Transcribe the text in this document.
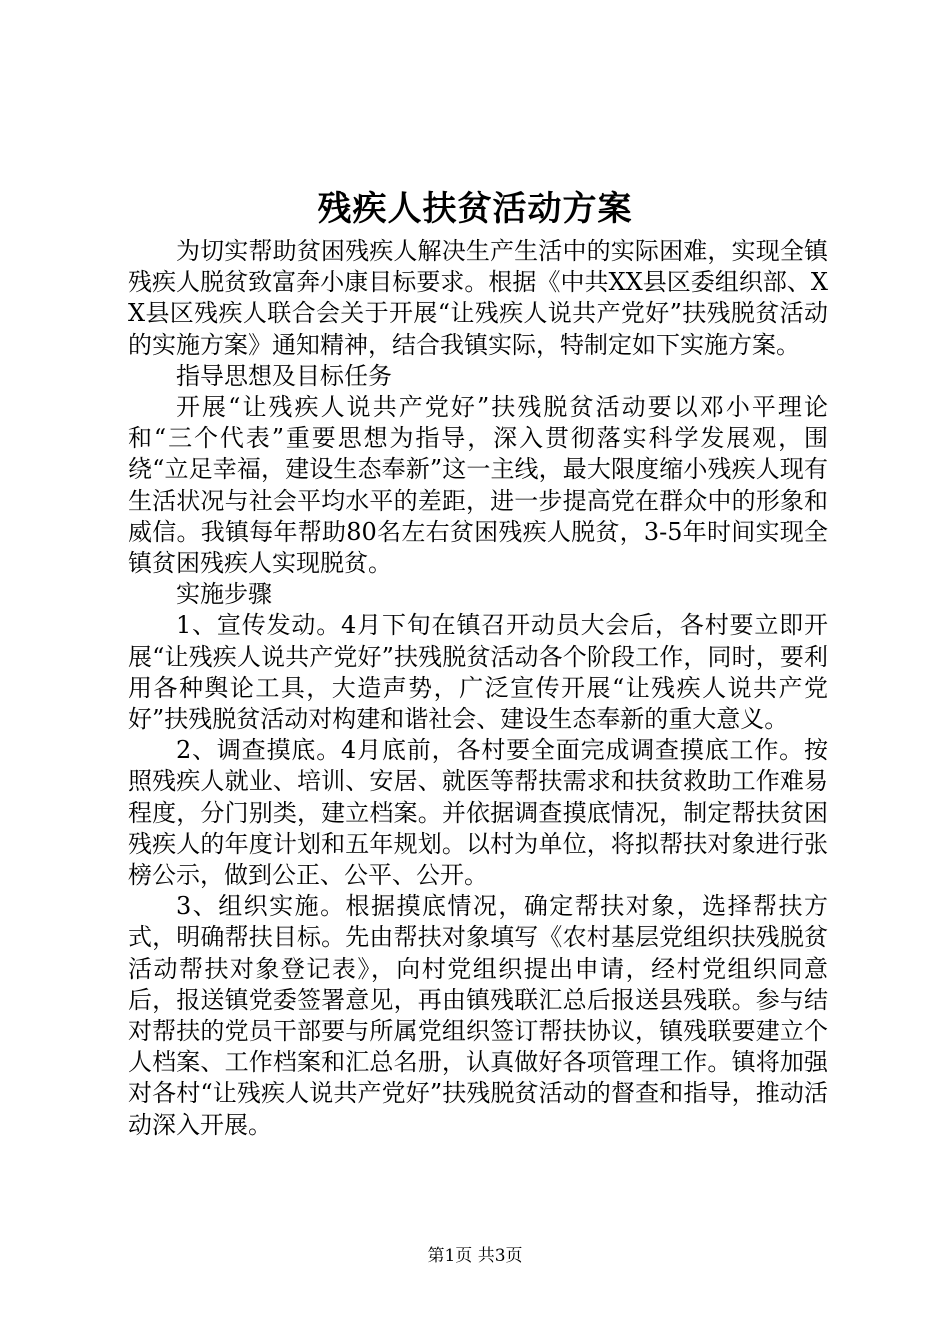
残疾人扶贫活动方案

为切实帮助贫困残疾人解决生产生活中的实际困难，实现全镇残疾人脱贫致富奔小康目标要求。根据《中共XX县区委组织部、XX县区残疾人联合会关于开展“让残疾人说共产党好”扶残脱贫活动的实施方案》通知精神，结合我镇实际，特制定如下实施方案。

指导思想及目标任务

开展“让残疾人说共产党好”扶残脱贫活动要以邓小平理论和“三个代表”重要思想为指导，深入贯彻落实科学发展观，围绕“立足幸福，建设生态奉新”这一主线，最大限度缩小残疾人现有生活状况与社会平均水平的差距，进一步提高党在群众中的形象和威信。我镇每年帮助80名左右贫困残疾人脱贫，3-5年时间实现全镇贫困残疾人实现脱贫。

实施步骤

1、宣传发动。4月下旬在镇召开动员大会后，各村要立即开展“让残疾人说共产党好”扶残脱贫活动各个阶段工作，同时，要利用各种舆论工具，大造声势，广泛宣传开展“让残疾人说共产党好”扶残脱贫活动对构建和谐社会、建设生态奉新的重大意义。

2、调查摸底。4月底前，各村要全面完成调查摸底工作。按照残疾人就业、培训、安居、就医等帮扶需求和扶贫救助工作难易程度，分门别类，建立档案。并依据调查摸底情况，制定帮扶贫困残疾人的年度计划和五年规划。以村为单位，将拟帮扶对象进行张榜公示，做到公正、公平、公开。

3、组织实施。根据摸底情况，确定帮扶对象，选择帮扶方式，明确帮扶目标。先由帮扶对象填写《农村基层党组织扶残脱贫活动帮扶对象登记表》，向村党组织提出申请，经村党组织同意后，报送镇党委签署意见，再由镇残联汇总后报送县残联。参与结对帮扶的党员干部要与所属党组织签订帮扶协议，镇残联要建立个人档案、工作档案和汇总名册，认真做好各项管理工作。镇将加强对各村“让残疾人说共产党好”扶残脱贫活动的督查和指导，推动活动深入开展。

第1页 共3页
